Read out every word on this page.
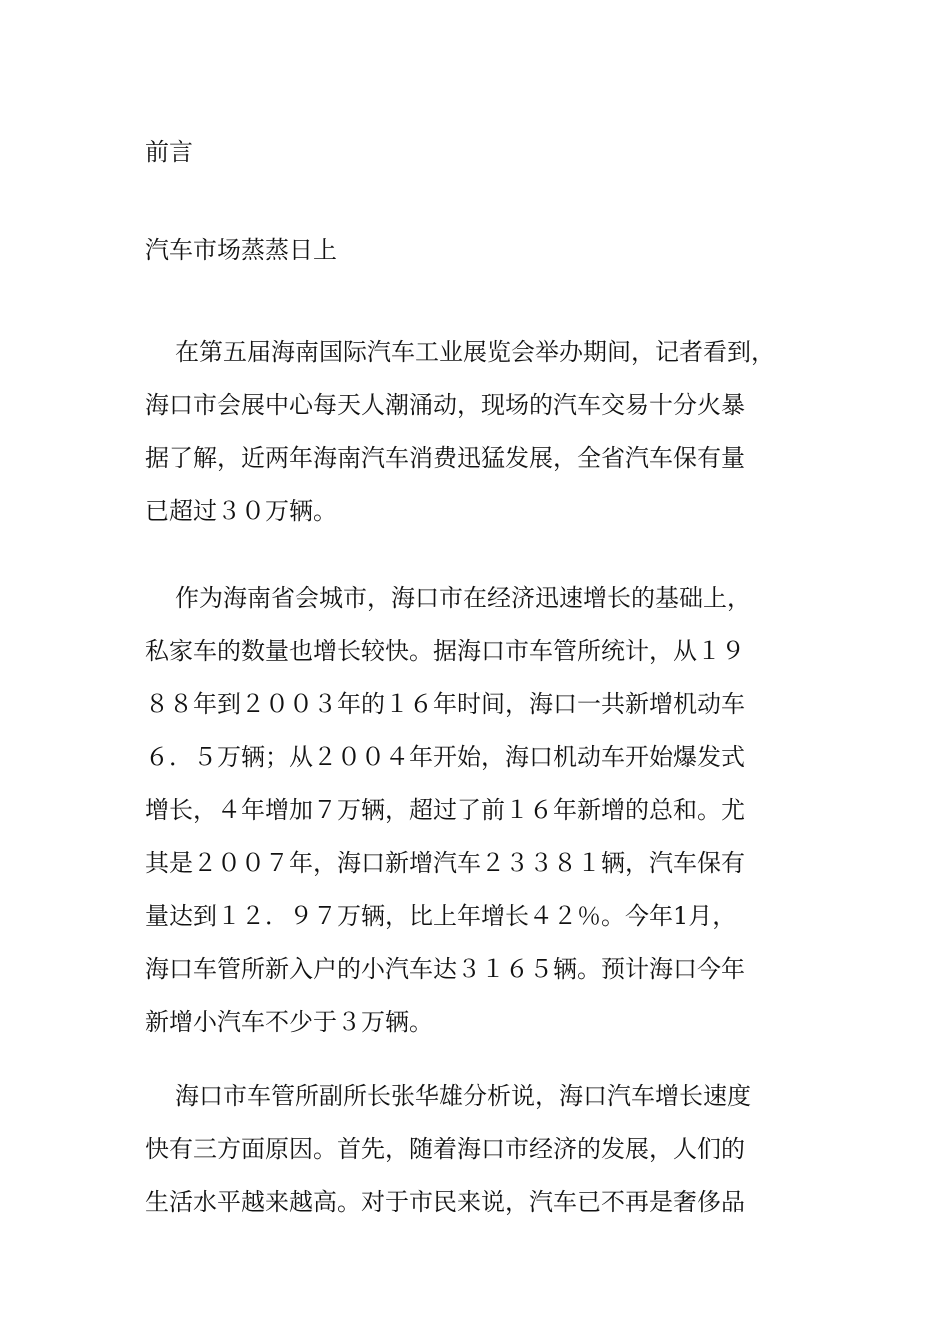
前言
汽车市场蒸蒸日上
在第五届海南国际汽车工业展览会举办期间，记者看到，
海口市会展中心每天人潮涌动，现场的汽车交易十分火暴
据了解，近两年海南汽车消费迅猛发展，全省汽车保有量
已超过３０万辆。
作为海南省会城市，海口市在经济迅速增长的基础上，
私家车的数量也增长较快。据海口市车管所统计，从１９
８８年到２００３年的１６年时间，海口一共新增机动车
６．５万辆；从２００４年开始，海口机动车开始爆发式
增长，４年增加７万辆，超过了前１６年新增的总和。尤
其是２００７年，海口新增汽车２３３８１辆，汽车保有
量达到１２．９７万辆，比上年增长４２％。今年1月，
海口车管所新入户的小汽车达３１６５辆。预计海口今年
新增小汽车不少于３万辆。
海口市车管所副所长张华雄分析说，海口汽车增长速度
快有三方面原因。首先，随着海口市经济的发展，人们的
生活水平越来越高。对于市民来说，汽车已不再是奢侈品
